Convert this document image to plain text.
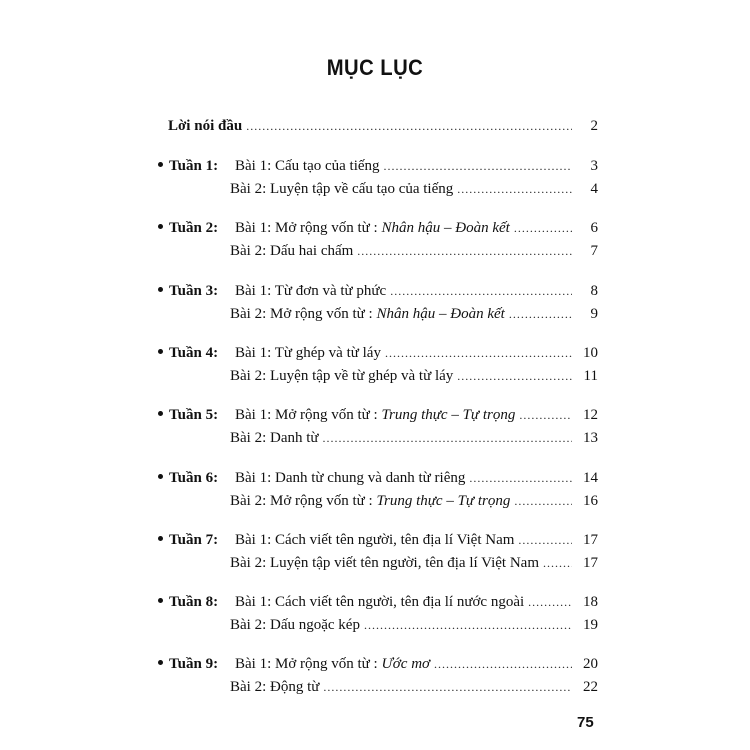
MỤC LỤC
Lời nói đầu .....	2
Tuần 1:	Bài 1: Cấu tạo của tiếng .....	3
Bài 2: Luyện tập về cấu tạo của tiếng .....	4
Tuần 2:	Bài 1: Mở rộng vốn từ : Nhân hậu – Đoàn kết .....	6
Bài 2: Dấu hai chấm .....	7
Tuần 3:	Bài 1: Từ đơn và từ phức .....	8
Bài 2: Mở rộng vốn từ : Nhân hậu – Đoàn kết .....	9
Tuần 4:	Bài 1: Từ ghép và từ láy .....	10
Bài 2: Luyện tập về từ ghép và từ láy .....	11
Tuần 5:	Bài 1: Mở rộng vốn từ : Trung thực – Tự trọng .....	12
Bài 2: Danh từ .....	13
Tuần 6:	Bài 1: Danh từ chung và danh từ riêng .....	14
Bài 2: Mở rộng vốn từ : Trung thực – Tự trọng .....	16
Tuần 7:	Bài 1: Cách viết tên người, tên địa lí Việt Nam .....	17
Bài 2: Luyện tập viết tên người, tên địa lí Việt Nam .....	17
Tuần 8:	Bài 1: Cách viết tên người, tên địa lí nước ngoài .....	18
Bài 2: Dấu ngoặc kép .....	19
Tuần 9:	Bài 1: Mở rộng vốn từ : Ước mơ .....	20
Bài 2: Động từ .....	22
75
